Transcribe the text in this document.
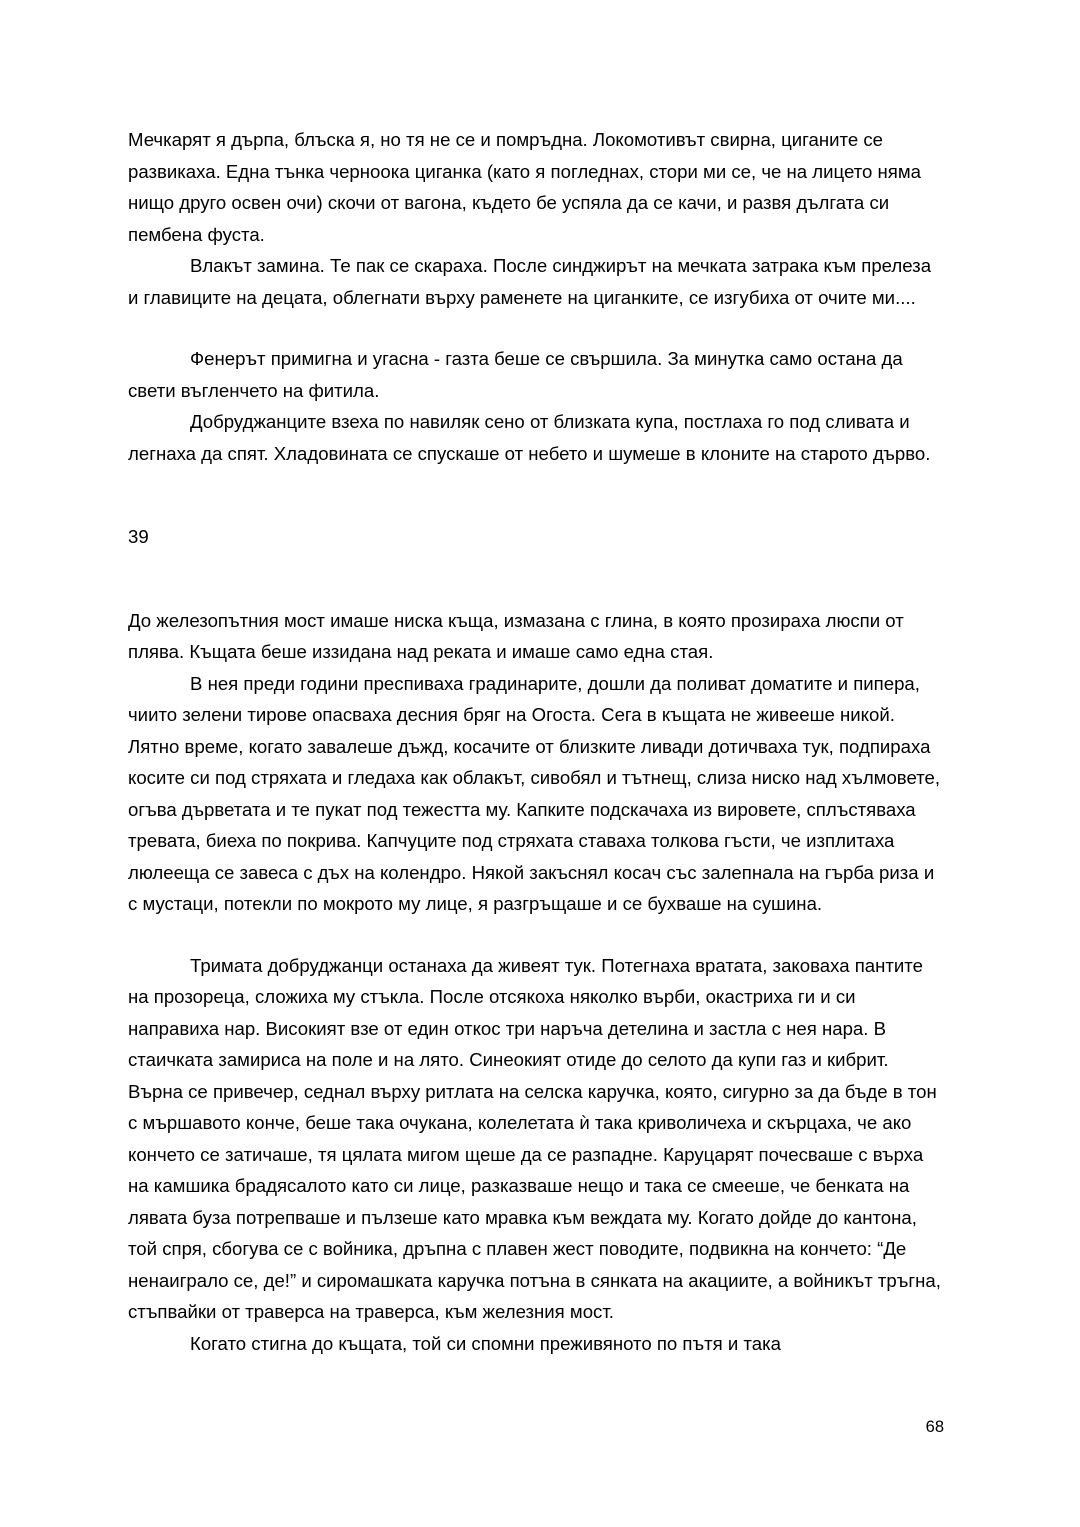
Мечкарят я дърпа, блъска я, но тя не се и помръдна. Локомотивът свирна, циганите се развикаха. Една тънка черноока циганка (като я погледнах, стори ми се, че на лицето няма нищо друго освен очи) скочи от вагона, където бе успяла да се качи, и развя дългата си пембена фуста.

Влакът замина. Те пак се скараха. После синджирът на мечката затрака към прелеза и главиците на децата, облегнати върху раменете на циганките, се изгубиха от очите ми....

Фенерът примигна и угасна - газта беше се свършила. За минутка само остана да свети въгленчето на фитила.

Добруджанците взеха по навиляк сено от близката купа, постлаха го под сливата и легнаха да спят. Хладовината се спускаше от небето и шумеше в клоните на старото дърво.

39

До железопътния мост имаше ниска къща, измазана с глина, в която прозираха люспи от плява. Къщата беше иззидана над реката и имаше само една стая.

В нея преди години преспиваха градинарите, дошли да поливат доматите и пипера, чиито зелени тирове опасваха десния бряг на Огоста. Сега в къщата не живееше никой. Лятно време, когато завалеше дъжд, косачите от близките ливади дотичваха тук, подпираха косите си под стряхата и гледаха как облакът, сивобял и тътнещ, слиза ниско над хълмовете, огъва дърветата и те пукат под тежестта му. Капките подскачаха из вировете, сплъстяваха тревата, биеха по покрива. Капчуците под стряхата ставаха толкова гъсти, че изплитаха люлееща се завеса с дъх на колендро. Някой закъснял косач със залепнала на гърба риза и с мустаци, потекли по мокрото му лице, я разгръщаше и се бухваше на сушина.

Тримата добруджанци останаха да живеят тук. Потегнаха вратата, заковаха пантите на прозореца, сложиха му стъкла. После отсякоха няколко върби, окастриха ги и си направиха нар. Високият взе от един откос три наръча детелина и застла с нея нара. В стаичката замириса на поле и на лято. Синеокият отиде до селото да купи газ и кибрит. Върна се привечер, седнал върху ритлата на селска каручка, която, сигурно за да бъде в тон с мършавото конче, беше така очукана, колелетата ѝ така криволичеха и скърцаха, че ако кончето се затичаше, тя цялата мигом щеше да се разпадне. Каруцарят почесваше с върха на камшика брадясалото като си лице, разказваше нещо и така се смееше, че бенката на лявата буза потрепваше и пълзеше като мравка към веждата му. Когато дойде до кантона, той спря, сбогува се с войника, дръпна с плавен жест поводите, подвикна на кончето: “Де ненаиграло се, де!” и сиромашката каручка потъна в сянката на акациите, а войникът тръгна, стъпвайки от траверса на траверса, към железния мост.

Когато стигна до къщата, той си спомни преживяното по пътя и така

68
